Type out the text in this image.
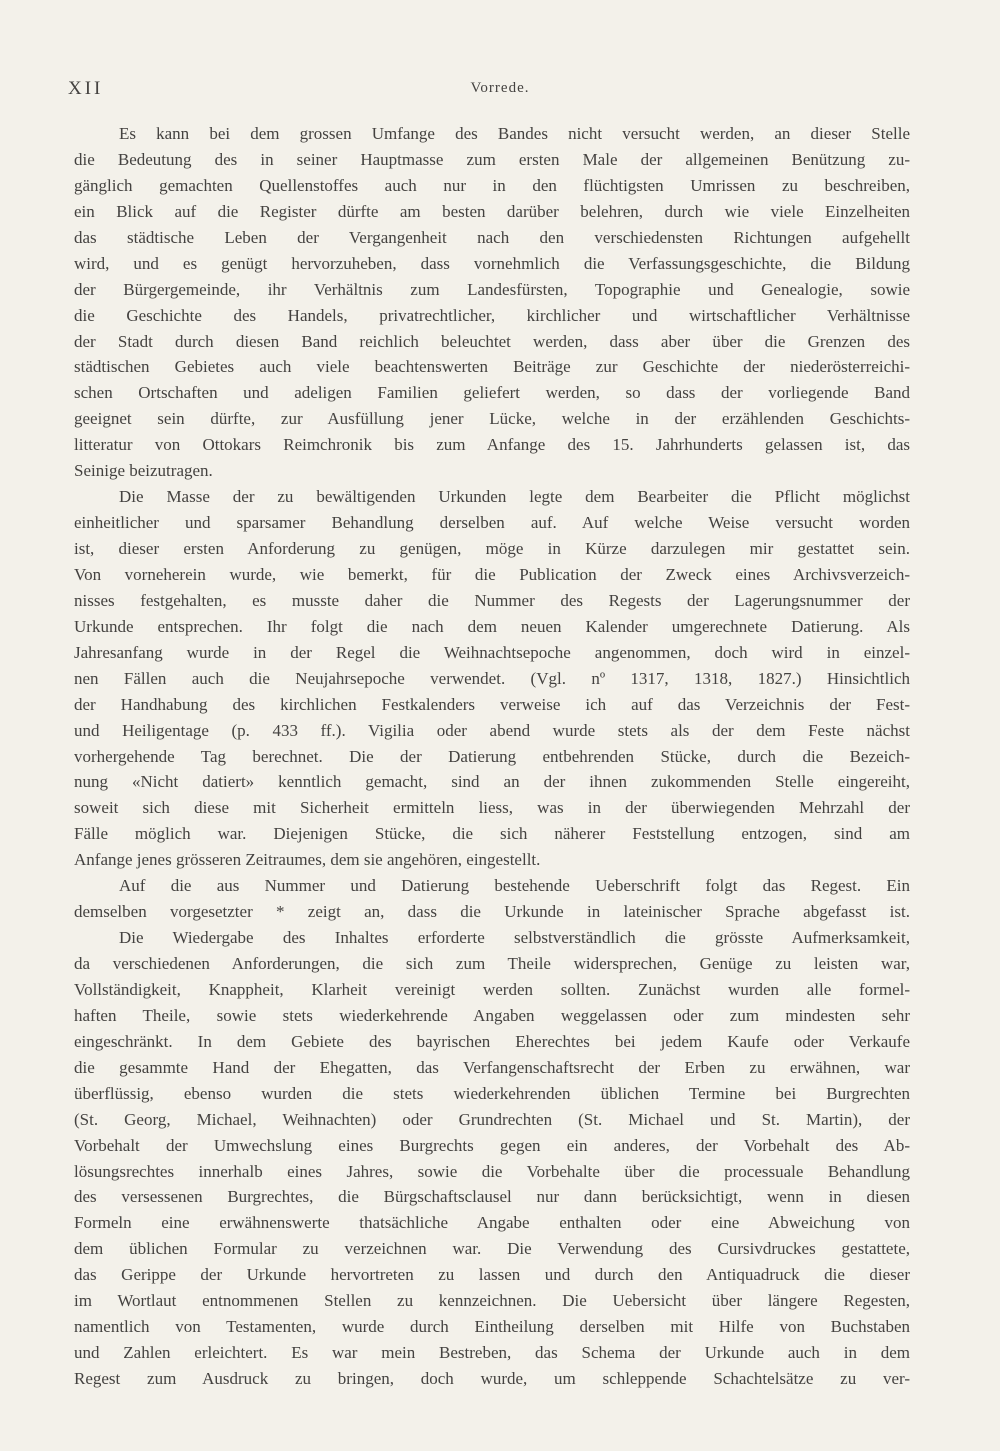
XII	Vorrede.
Es kann bei dem grossen Umfange des Bandes nicht versucht werden, an dieser Stelle
die Bedeutung des in seiner Hauptmasse zum ersten Male der allgemeinen Benützung zu-
gänglich gemachten Quellenstoffes auch nur in den flüchtigsten Umrissen zu beschreiben,
ein Blick auf die Register dürfte am besten darüber belehren, durch wie viele Einzelheiten
das städtische Leben der Vergangenheit nach den verschiedensten Richtungen aufgehellt
wird, und es genügt hervorzuheben, dass vornehmlich die Verfassungsgeschichte, die Bildung
der Bürgergemeinde, ihr Verhältnis zum Landesfürsten, Topographie und Genealogie, sowie
die Geschichte des Handels, privatrechtlicher, kirchlicher und wirtschaftlicher Verhältnisse
der Stadt durch diesen Band reichlich beleuchtet werden, dass aber über die Grenzen des
städtischen Gebietes auch viele beachtenswerten Beiträge zur Geschichte der niederösterreichi-
schen Ortschaften und adeligen Familien geliefert werden, so dass der vorliegende Band
geeignet sein dürfte, zur Ausfüllung jener Lücke, welche in der erzählenden Geschichts-
litteratur von Ottokars Reimchronik bis zum Anfange des 15. Jahrhunderts gelassen ist, das
Seinige beizutragen.
Die Masse der zu bewältigenden Urkunden legte dem Bearbeiter die Pflicht möglichst
einheitlicher und sparsamer Behandlung derselben auf. Auf welche Weise versucht worden
ist, dieser ersten Anforderung zu genügen, möge in Kürze darzulegen mir gestattet sein.
Von vorneherein wurde, wie bemerkt, für die Publication der Zweck eines Archivsverzeich-
nisses festgehalten, es musste daher die Nummer des Regests der Lagerungsnummer der
Urkunde entsprechen. Ihr folgt die nach dem neuen Kalender umgerechnete Datierung. Als
Jahresanfang wurde in der Regel die Weihnachtsepoche angenommen, doch wird in einzel-
nen Fällen auch die Neujahrsepoche verwendet. (Vgl. nº 1317, 1318, 1827.) Hinsichtlich
der Handhabung des kirchlichen Festkalenders verweise ich auf das Verzeichnis der Fest-
und Heiligentage (p. 433 ff.). Vigilia oder abend wurde stets als der dem Feste nächst
vorhergehende Tag berechnet. Die der Datierung entbehrenden Stücke, durch die Bezeich-
nung «Nicht datiert» kenntlich gemacht, sind an der ihnen zukommenden Stelle eingereiht,
soweit sich diese mit Sicherheit ermitteln liess, was in der überwiegenden Mehrzahl der
Fälle möglich war. Diejenigen Stücke, die sich näherer Feststellung entzogen, sind am
Anfange jenes grösseren Zeitraumes, dem sie angehören, eingestellt.
Auf die aus Nummer und Datierung bestehende Ueberschrift folgt das Regest. Ein
demselben vorgesetzter * zeigt an, dass die Urkunde in lateinischer Sprache abgefasst ist.
Die Wiedergabe des Inhaltes erforderte selbstverständlich die grösste Aufmerksamkeit,
da verschiedenen Anforderungen, die sich zum Theile widersprechen, Genüge zu leisten war,
Vollständigkeit, Knappheit, Klarheit vereinigt werden sollten. Zunächst wurden alle formel-
haften Theile, sowie stets wiederkehrende Angaben weggelassen oder zum mindesten sehr
eingeschränkt. In dem Gebiete des bayrischen Eherechtes bei jedem Kaufe oder Verkaufe
die gesammte Hand der Ehegatten, das Verfangenschaftsrecht der Erben zu erwähnen, war
überflüssig, ebenso wurden die stets wiederkehrenden üblichen Termine bei Burgrechten
(St. Georg, Michael, Weihnachten) oder Grundrechten (St. Michael und St. Martin), der
Vorbehalt der Umwechslung eines Burgrechts gegen ein anderes, der Vorbehalt des Ab-
lösungsrechtes innerhalb eines Jahres, sowie die Vorbehalte über die processuale Behandlung
des versessenen Burgrechtes, die Bürgschaftsclausel nur dann berücksichtigt, wenn in diesen
Formeln eine erwähnenswerte thatsächliche Angabe enthalten oder eine Abweichung von
dem üblichen Formular zu verzeichnen war. Die Verwendung des Cursivdruckes gestattete,
das Gerippe der Urkunde hervortreten zu lassen und durch den Antiquadruck die dieser
im Wortlaut entnommenen Stellen zu kennzeichnen. Die Uebersicht über längere Regesten,
namentlich von Testamenten, wurde durch Eintheilung derselben mit Hilfe von Buchstaben
und Zahlen erleichtert. Es war mein Bestreben, das Schema der Urkunde auch in dem
Regest zum Ausdruck zu bringen, doch wurde, um schleppende Schachtelsätze zu ver-
